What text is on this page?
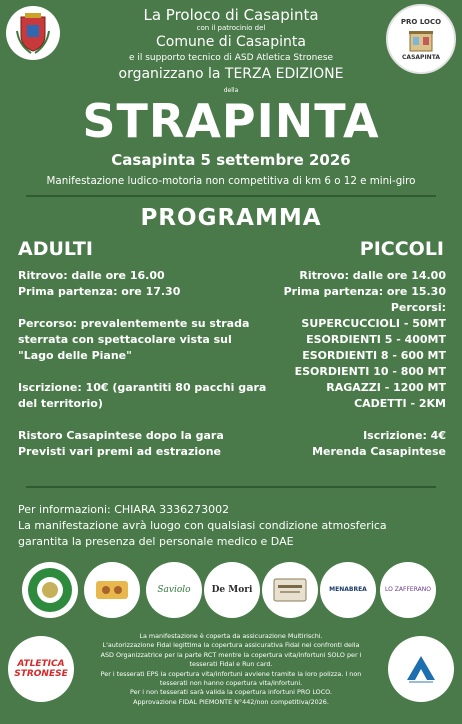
PRO LOCO
CASAPINTA
La Proloco di Casapinta
con il patrocinio del
Comune di Casapinta
e il supporto tecnico di ASD Atletica Stronese
organizzano la TERZA EDIZIONE
della
STRAPINTA
Casapinta 5 settembre 2026
Manifestazione ludico-motoria non competitiva di km 6 o 12 e mini-giro
PROGRAMMA
ADULTI	PICCOLI
Ritrovo: dalle ore 16.00
Prima partenza: ore 17.30
Percorso: prevalentemente su strada
sterrata con spettacolare vista sul
"Lago delle Piane"
Iscrizione: 10€ (garantiti 80 pacchi gara
del territorio)
Ristoro Casapintese dopo la gara
Previsti vari premi ad estrazione
Ritrovo: dalle ore 14.00
Prima partenza: ore 15.30
Percorsi:
SUPERCUCCIOLI - 50MT
ESORDIENTI 5 - 400MT
ESORDIENTI 8 - 600 MT
ESORDIENTI 10 - 800 MT
RAGAZZI - 1200 MT
CADETTI - 2KM
Iscrizione: 4€
Merenda Casapintese
Per informazioni: CHIARA 3336273002
La manifestazione avrà luogo con qualsiasi condizione atmosferica
garantita la presenza del personale medico e DAE
Saviolo De Mori	MENABREA	LO ZAFFERANO
ATLETICA
STRONESE
La manifestazione è coperta da assicurazione Multirischi.
L'autorizzazione Fidal legittima la copertura assicurativa Fidal nei confronti della
ASD Organizzatrice per la parte RCT mentre la copertura vita/infortuni SOLO per i
tesserati Fidal e Run card.
Per i tesserati EPS la copertura vita/infortuni avviene tramite la loro polizza. I non
tesserati non hanno copertura vita/infortuni.
Per i non tesserati sarà valida la copertura infortuni PRO LOCO.
Approvazione FIDAL PIEMONTE N°442/non competitiva/2026.
